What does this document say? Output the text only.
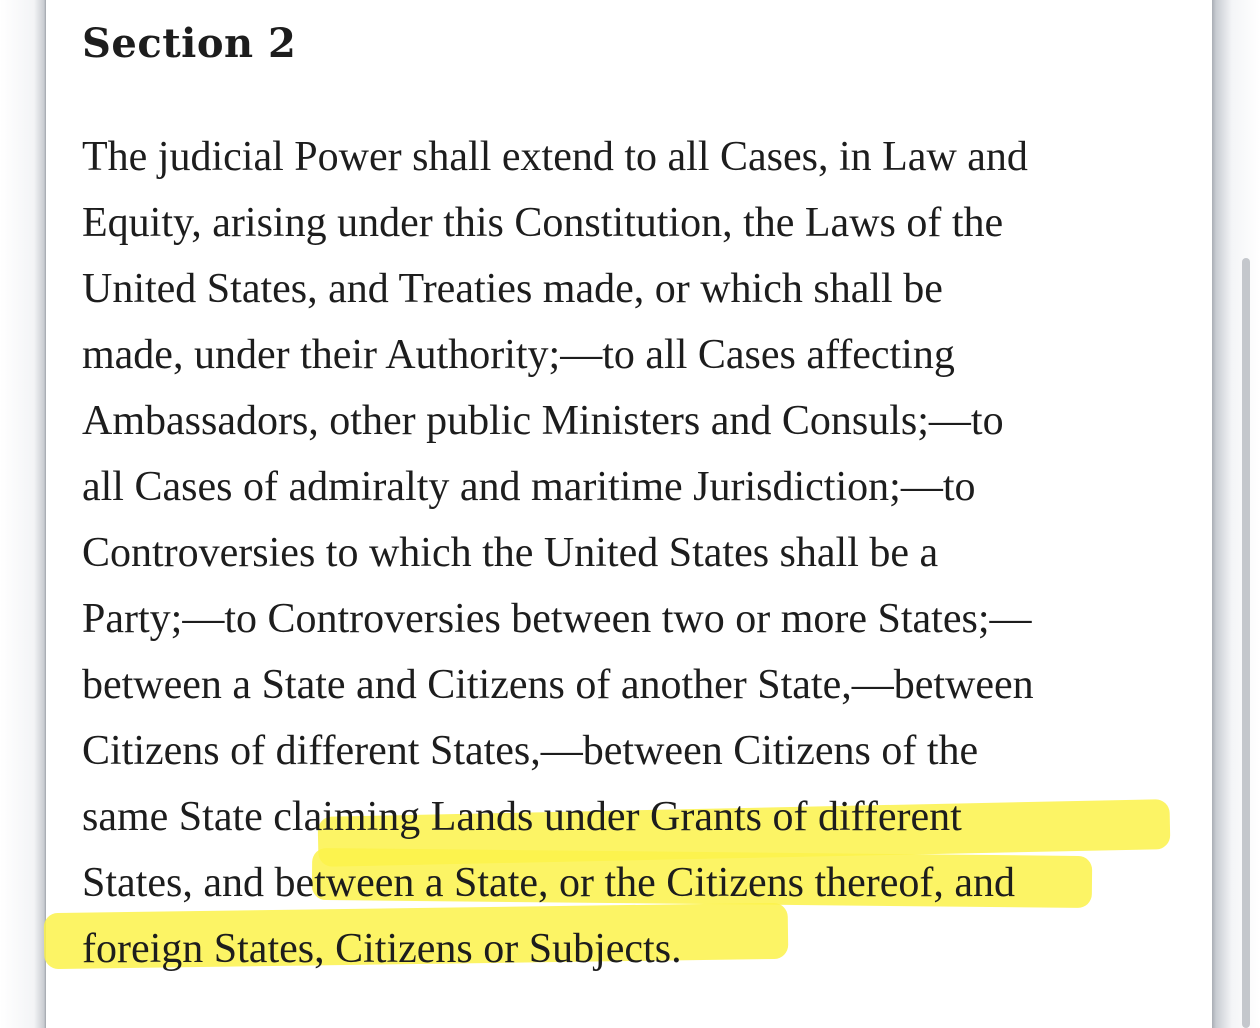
Section 2

The judicial Power shall extend to all Cases, in Law and
Equity, arising under this Constitution, the Laws of the
United States, and Treaties made, or which shall be
made, under their Authority;—to all Cases affecting
Ambassadors, other public Ministers and Consuls;—to
all Cases of admiralty and maritime Jurisdiction;—to
Controversies to which the United States shall be a
Party;—to Controversies between two or more States;—
between a State and Citizens of another State,—between
Citizens of different States,—between Citizens of the
same State claiming Lands under Grants of different
States, and between a State, or the Citizens thereof, and
foreign States, Citizens or Subjects.
